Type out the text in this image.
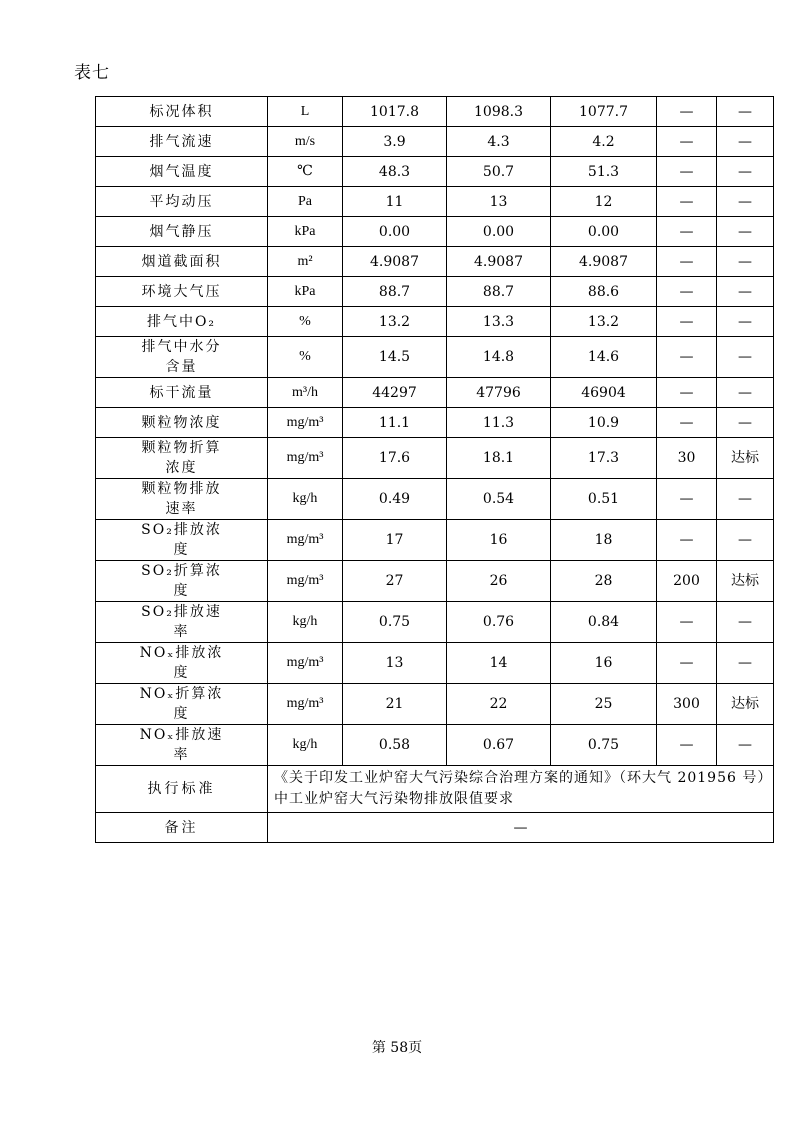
表七
标况体积	L	1017.8	1098.3	1077.7	—	—
排气流速	m/s	3.9	4.3	4.2	—	—
烟气温度	℃	48.3	50.7	51.3	—	—
平均动压	Pa	11	13	12	—	—
烟气静压	kPa	0.00	0.00	0.00	—	—
烟道截面积	m²	4.9087	4.9087	4.9087	—	—
环境大气压	kPa	88.7	88.7	88.6	—	—
排气中O₂	%	13.2	13.3	13.2	—	—
排气中水分含量	%	14.5	14.8	14.6	—	—
标干流量	m³/h	44297	47796	46904	—	—
颗粒物浓度	mg/m³	11.1	11.3	10.9	—	—
颗粒物折算浓度	mg/m³	17.6	18.1	17.3	30	达标
颗粒物排放速率	kg/h	0.49	0.54	0.51	—	—
SO₂排放浓度	mg/m³	17	16	18	—	—
SO₂折算浓度	mg/m³	27	26	28	200	达标
SO₂排放速率	kg/h	0.75	0.76	0.84	—	—
NOₓ排放浓度	mg/m³	13	14	16	—	—
NOₓ折算浓度	mg/m³	21	22	25	300	达标
NOₓ排放速率	kg/h	0.58	0.67	0.75	—	—
执行标准	《关于印发工业炉窑大气污染综合治理方案的通知》（环大气 201956 号）中工业炉窑大气污染物排放限值要求					
备注	—					
第 58页
